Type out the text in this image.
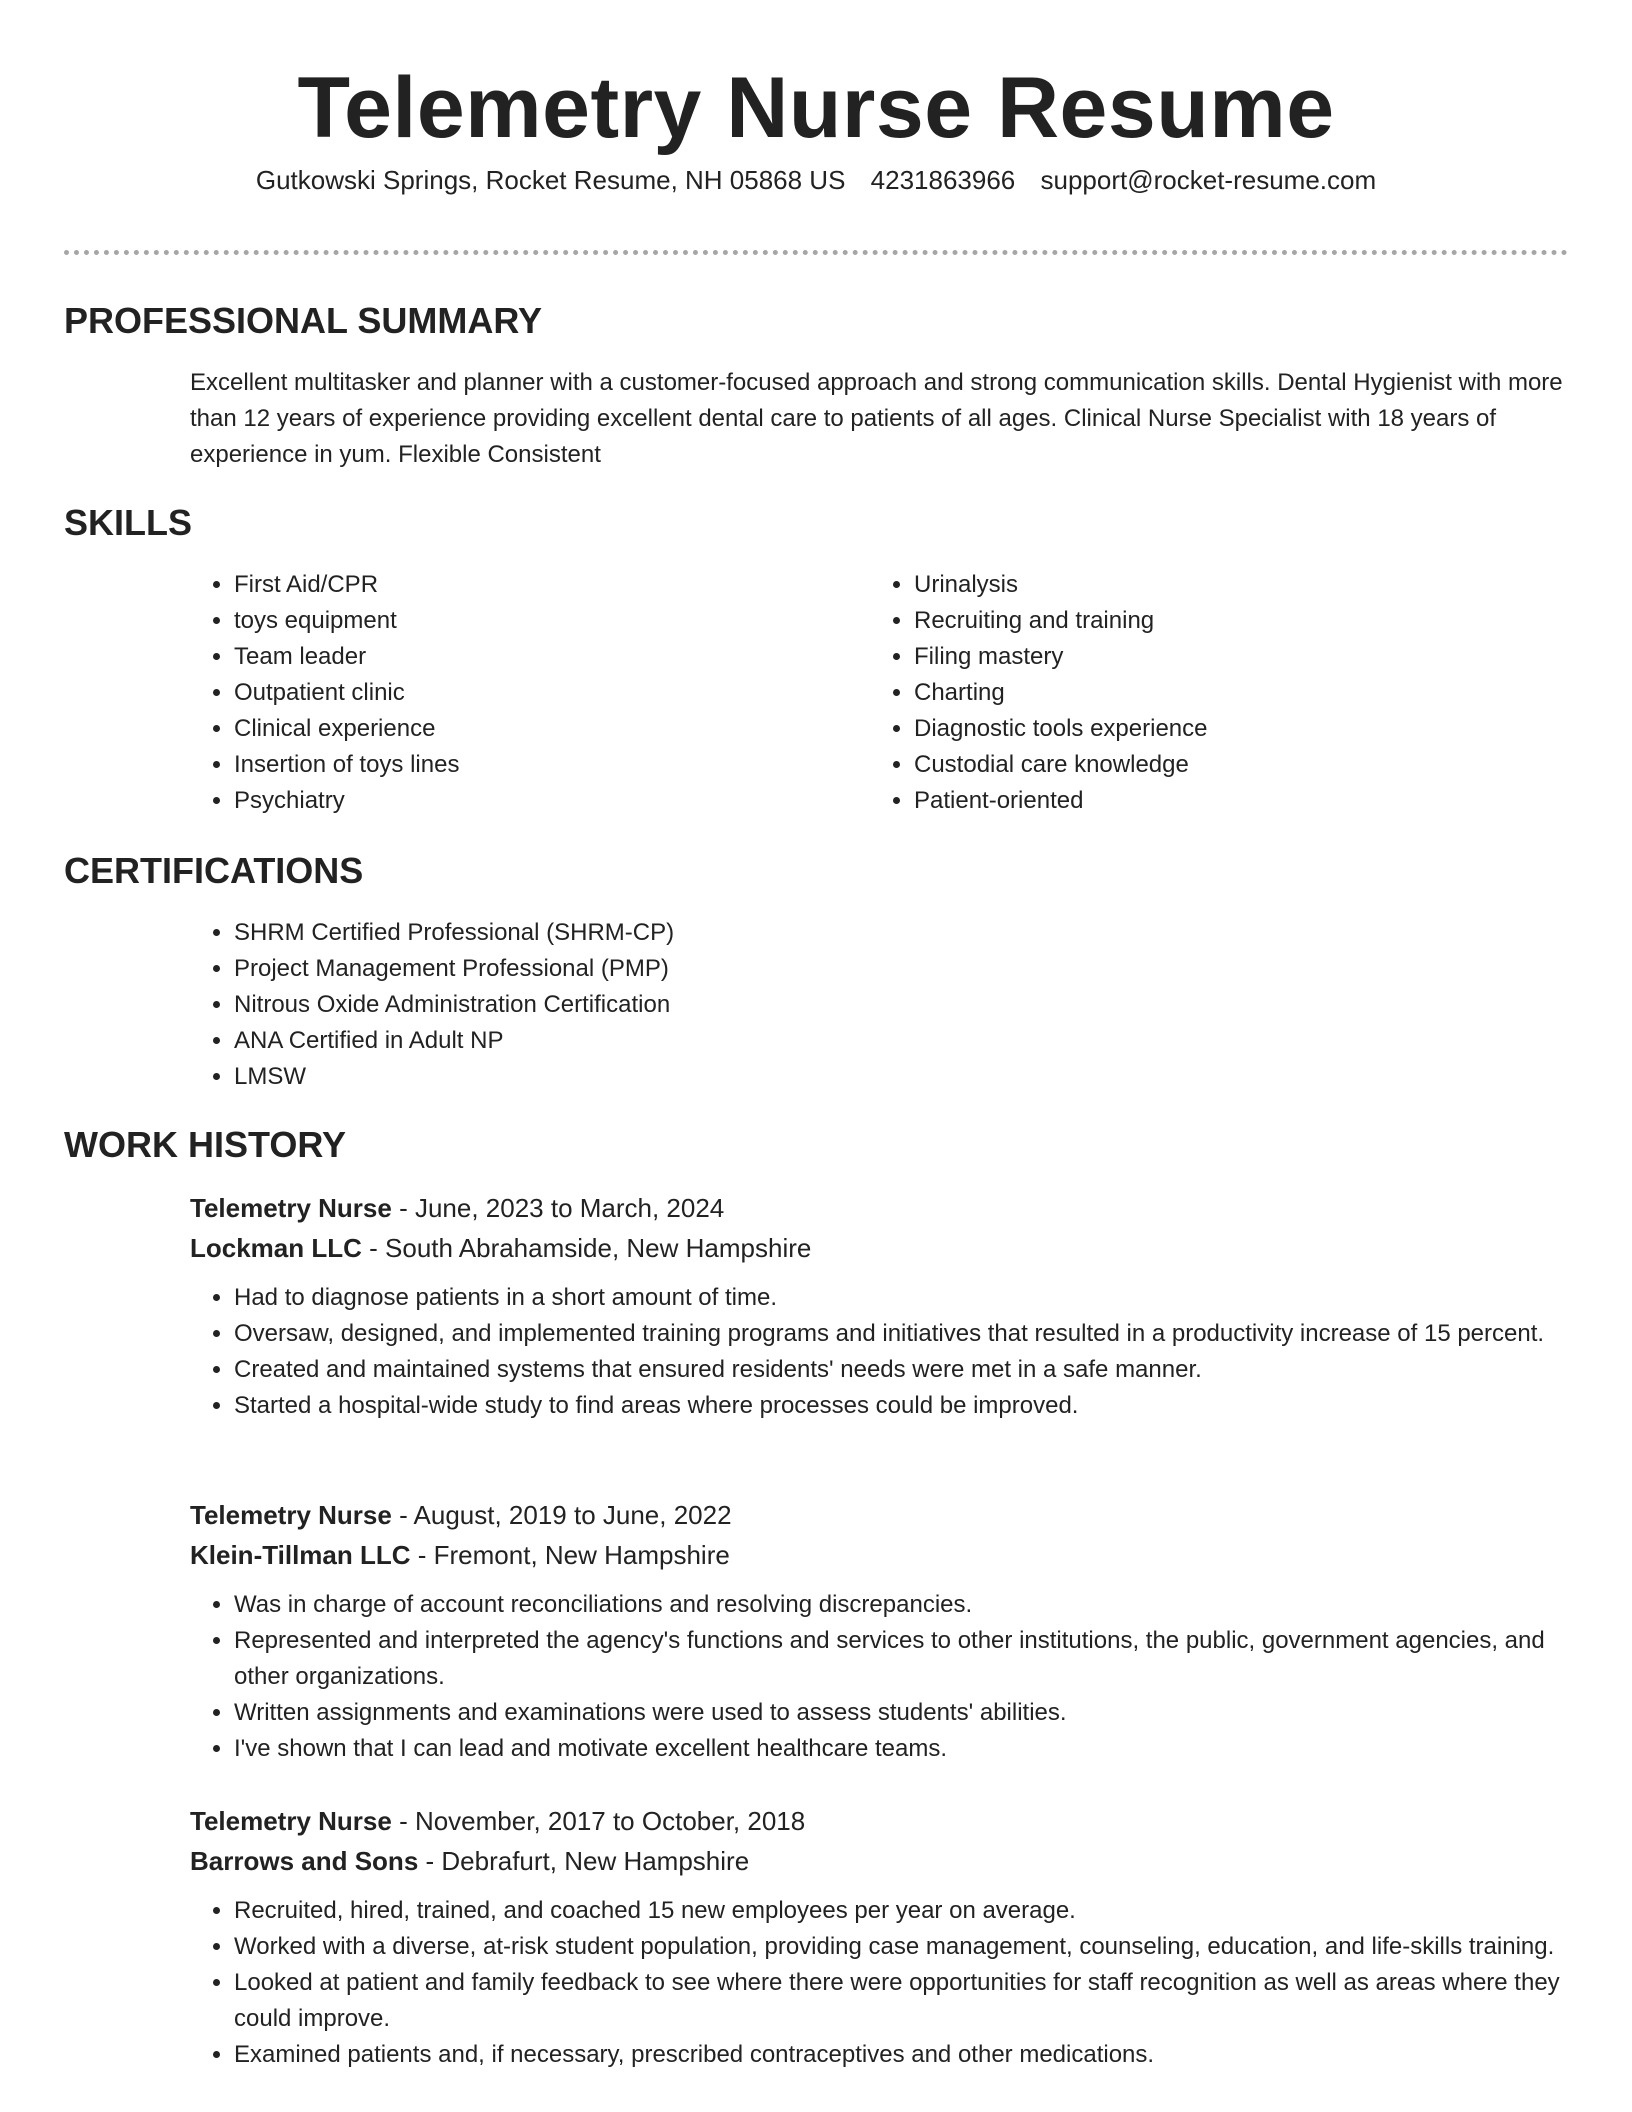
Telemetry Nurse Resume
Gutkowski Springs, Rocket Resume, NH 05868 US 4231863966 support@rocket-resume.com
PROFESSIONAL SUMMARY

Excellent multitasker and planner with a customer-focused approach and strong communication skills. Dental Hygienist with more than 12 years of experience providing excellent dental care to patients of all ages. Clinical Nurse Specialist with 18 years of experience in yum. Flexible Consistent

SKILLS
• First Aid/CPR
• toys equipment
• Team leader
• Outpatient clinic
• Clinical experience
• Insertion of toys lines
• Psychiatry
• Urinalysis
• Recruiting and training
• Filing mastery
• Charting
• Diagnostic tools experience
• Custodial care knowledge
• Patient-oriented
CERTIFICATIONS
• SHRM Certified Professional (SHRM-CP)
• Project Management Professional (PMP)
• Nitrous Oxide Administration Certification
• ANA Certified in Adult NP
• LMSW
WORK HISTORY
Telemetry Nurse - June, 2023 to March, 2024
Lockman LLC - South Abrahamside, New Hampshire
• Had to diagnose patients in a short amount of time.
• Oversaw, designed, and implemented training programs and initiatives that resulted in a productivity increase of 15 percent.
• Created and maintained systems that ensured residents' needs were met in a safe manner.
• Started a hospital-wide study to find areas where processes could be improved.
Telemetry Nurse - August, 2019 to June, 2022
Klein-Tillman LLC - Fremont, New Hampshire
• Was in charge of account reconciliations and resolving discrepancies.
• Represented and interpreted the agency's functions and services to other institutions, the public, government agencies, and other organizations.
• Written assignments and examinations were used to assess students' abilities.
• I've shown that I can lead and motivate excellent healthcare teams.
Telemetry Nurse - November, 2017 to October, 2018
Barrows and Sons - Debrafurt, New Hampshire
• Recruited, hired, trained, and coached 15 new employees per year on average.
• Worked with a diverse, at-risk student population, providing case management, counseling, education, and life-skills training.
• Looked at patient and family feedback to see where there were opportunities for staff recognition as well as areas where they could improve.
• Examined patients and, if necessary, prescribed contraceptives and other medications.
